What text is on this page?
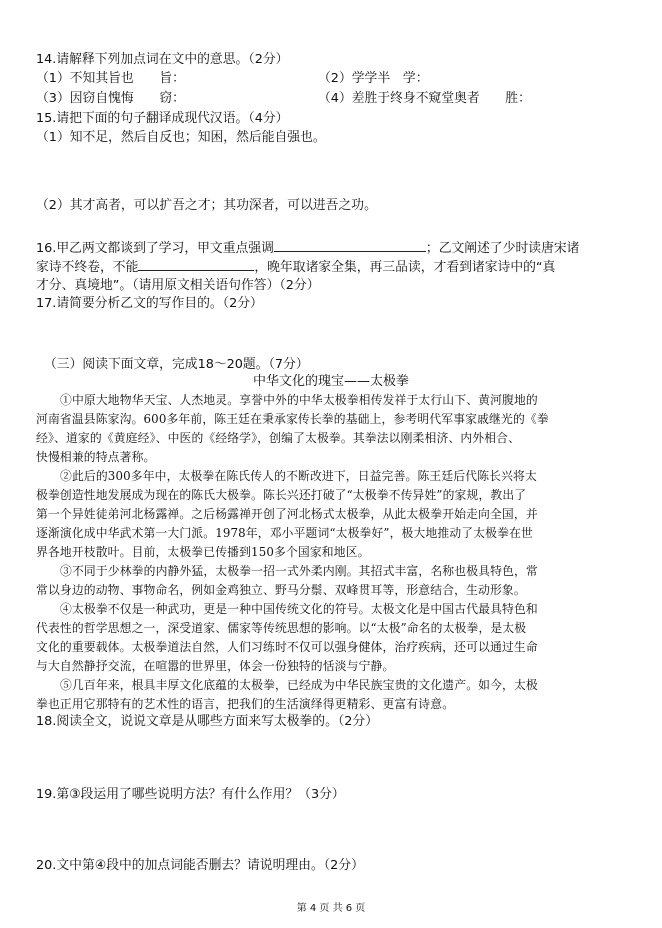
14.请解释下列加点词在文中的意思。（2分）
（1）不知其旨也　　旨：	（2）学学半　学：
（3）因窃自愧悔　　窃：	（4）差胜于终身不窥堂奥者　　胜：
15.请把下面的句子翻译成现代汉语。（4分）
（1）知不足，然后自反也；知困，然后能自强也。
（2）其才高者，可以扩吾之才；其功深者，可以进吾之功。
16.甲乙两文都谈到了学习，甲文重点强调	；乙文阐述了少时读唐宋诸
家诗不终卷，不能	，晚年取诸家全集，再三品读，才看到诸家诗中的“真
才分、真境地”。（请用原文相关语句作答）（2分）
17.请简要分析乙文的写作目的。（2分）
（三）阅读下面文章，完成18～20题。（7分）
中华文化的瑰宝——太极拳
①中原大地物华天宝、人杰地灵。享誉中外的中华太极拳相传发祥于太行山下、黄河腹地的
河南省温县陈家沟。600多年前，陈王廷在秉承家传长拳的基础上，参考明代军事家戚继光的《拳
经》、道家的《黄庭经》、中医的《经络学》，创编了太极拳。其拳法以刚柔相济、内外相合、
快慢相兼的特点著称。
②此后的300多年中，太极拳在陈氏传人的不断改进下，日益完善。陈王廷后代陈长兴将太
极拳创造性地发展成为现在的陈氏大极拳。陈长兴还打破了“太极拳不传异姓”的家规，教出了
第一个异姓徒弟河北杨露禅。之后杨露禅开创了河北杨式太极拳，从此太极拳开始走向全国，并
逐渐演化成中华武术第一大门派。1978年，邓小平题词“太极拳好”，极大地推动了太极拳在世
界各地开枝散叶。目前，太极拳已传播到150多个国家和地区。
③不同于少林拳的内静外猛，太极拳一招一式外柔内刚。其招式丰富，名称也极具特色，常
常以身边的动物、事物命名，例如金鸡独立、野马分鬃、双峰贯耳等，形意结合，生动形象。
④太极拳不仅是一种武功，更是一种中国传统文化的符号。太极文化是中国古代最具特色和
代表性的哲学思想之一，深受道家、儒家等传统思想的影响。以“太极”命名的太极拳，是太极
文化的重要载体。太极拳道法自然，人们习练时不仅可以强身健体，治疗疾病，还可以通过生命
与大自然静抒交流，在喧嚣的世界里，体会一份独特的恬淡与宁静。
⑤几百年来，根具丰厚文化底蕴的太极拳，已经成为中华民族宝贵的文化遗产。如今，太极
拳也正用它那特有的艺术性的语言，把我们的生活演绎得更精彩、更富有诗意。
18.阅读全文，说说文章是从哪些方面来写太极拳的。（2分）
19.第③段运用了哪些说明方法？有什么作用？（3分）
20.文中第④段中的加点词能否删去？请说明理由。（2分）
第 4 页 共 6 页
